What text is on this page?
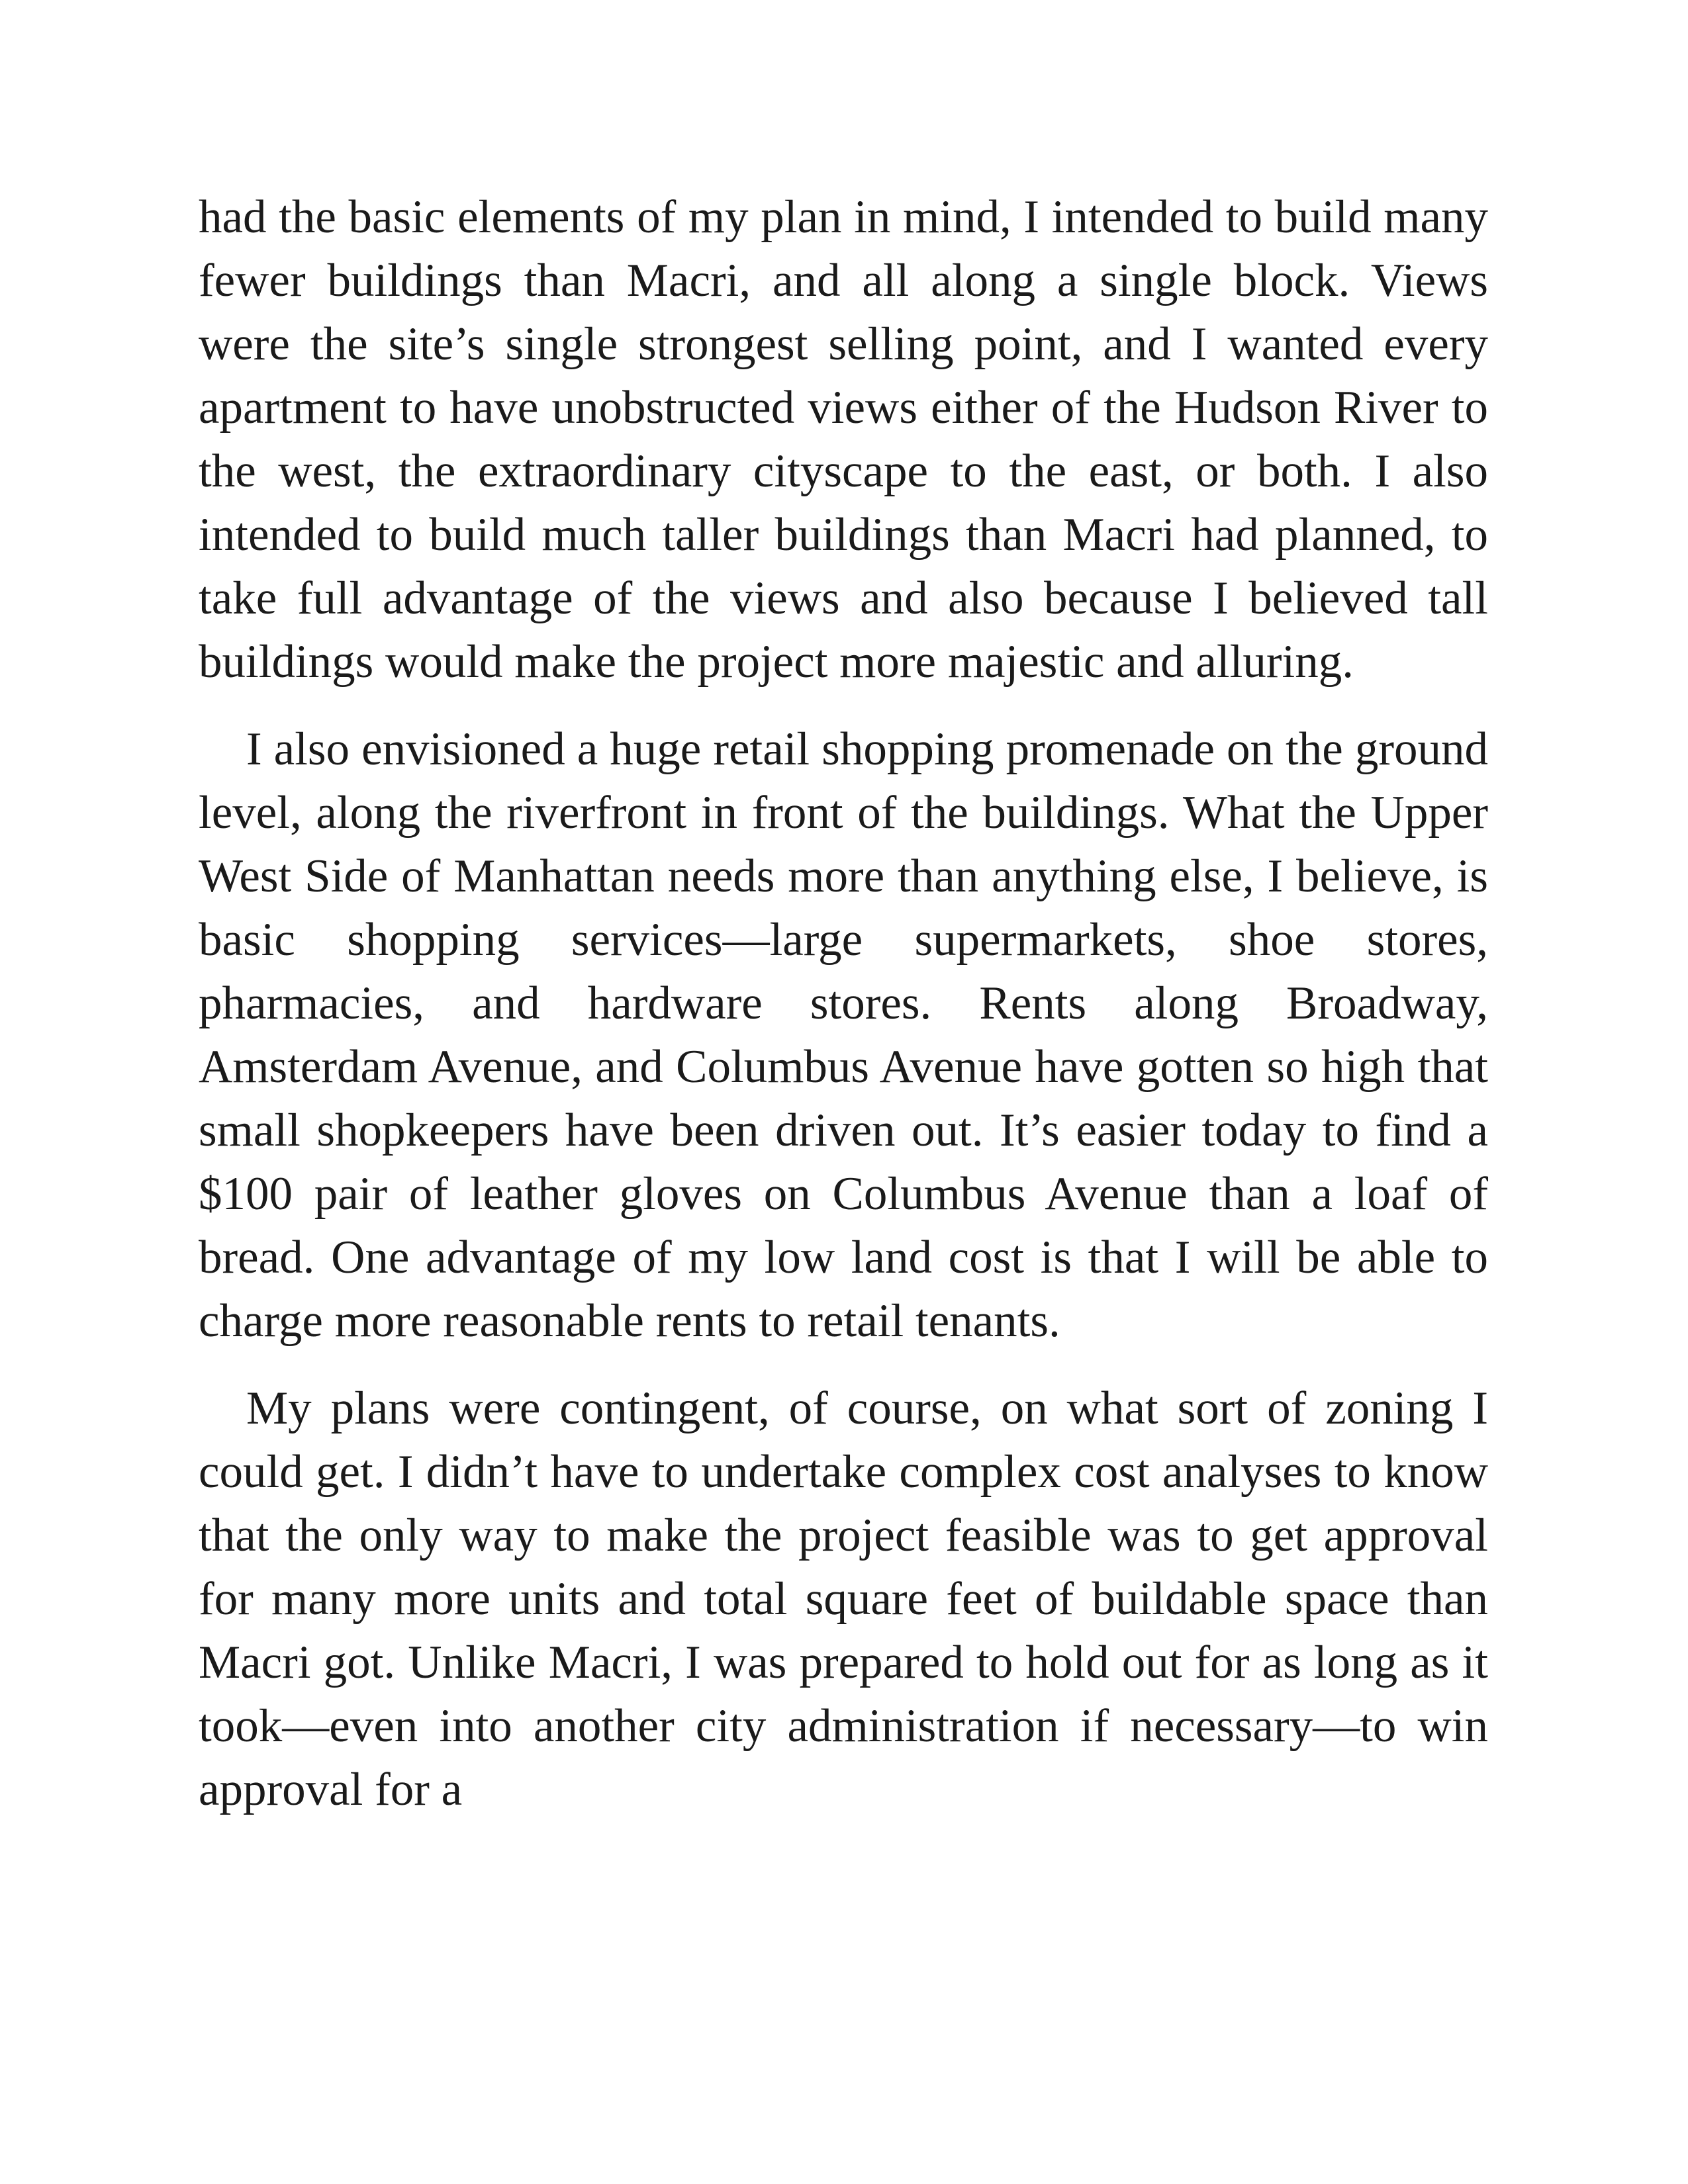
had the basic elements of my plan in mind, I intended to build many fewer buildings than Macri, and all along a single block. Views were the site’s single strongest selling point, and I wanted every apartment to have unobstructed views either of the Hudson River to the west, the extraordinary cityscape to the east, or both. I also intended to build much taller buildings than Macri had planned, to take full advantage of the views and also because I believed tall buildings would make the project more majestic and alluring.

I also envisioned a huge retail shopping promenade on the ground level, along the riverfront in front of the buildings. What the Upper West Side of Manhattan needs more than anything else, I believe, is basic shopping services—large supermarkets, shoe stores, pharmacies, and hardware stores. Rents along Broadway, Amsterdam Avenue, and Columbus Avenue have gotten so high that small shopkeepers have been driven out. It’s easier today to find a $100 pair of leather gloves on Columbus Avenue than a loaf of bread. One advantage of my low land cost is that I will be able to charge more reasonable rents to retail tenants.

My plans were contingent, of course, on what sort of zoning I could get. I didn’t have to undertake complex cost analyses to know that the only way to make the project feasible was to get approval for many more units and total square feet of buildable space than Macri got. Unlike Macri, I was prepared to hold out for as long as it took—even into another city administration if necessary—to win approval for a
